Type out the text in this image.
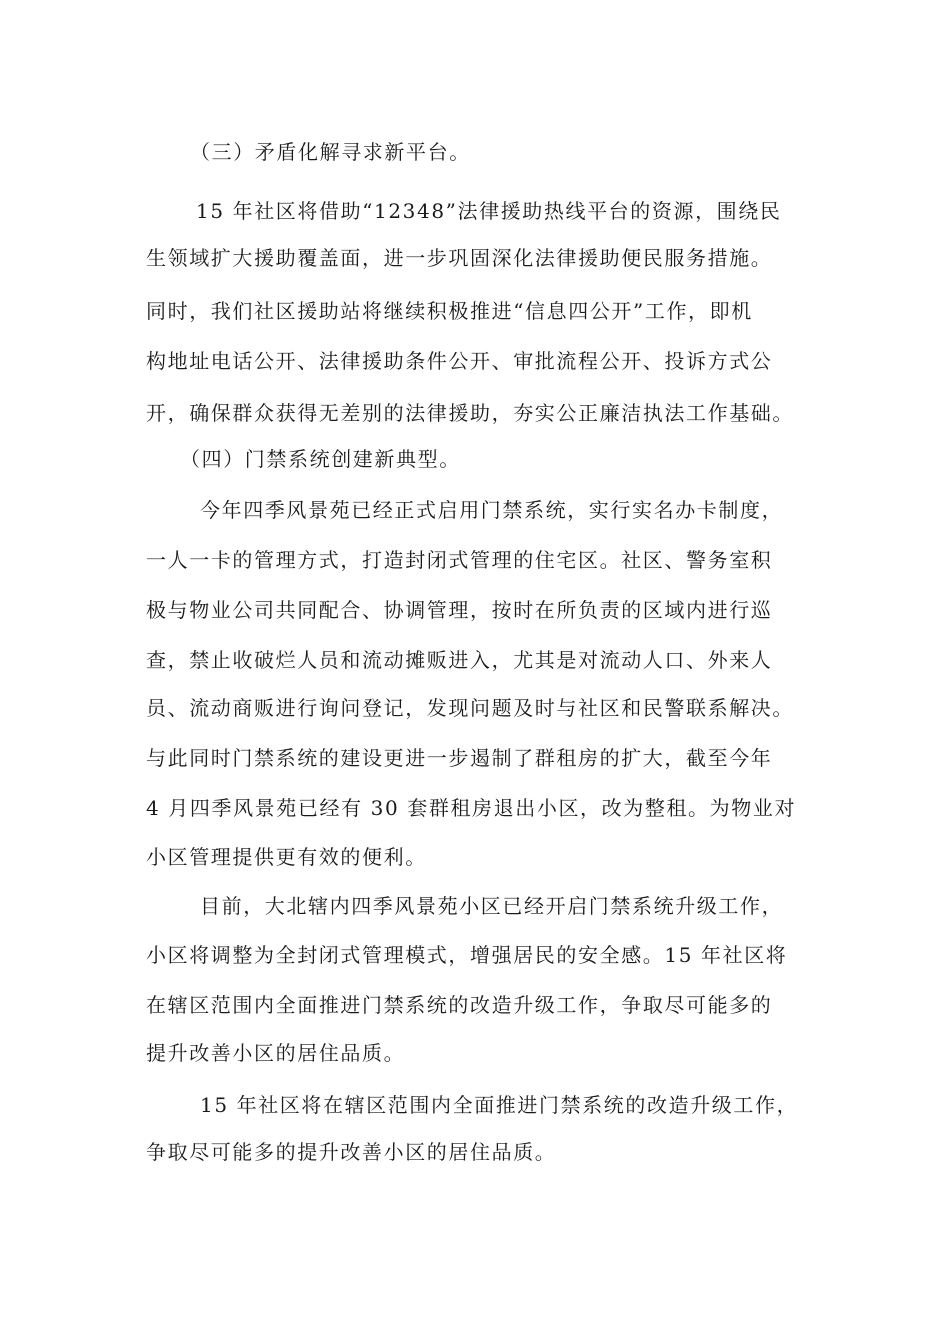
（三）矛盾化解寻求新平台。
15 年社区将借助“12348”法律援助热线平台的资源，围绕民
生领域扩大援助覆盖面，进一步巩固深化法律援助便民服务措施。
同时，我们社区援助站将继续积极推进“信息四公开”工作，即机
构地址电话公开、法律援助条件公开、审批流程公开、投诉方式公
开，确保群众获得无差别的法律援助，夯实公正廉洁执法工作基础。
（四）门禁系统创建新典型。
今年四季风景苑已经正式启用门禁系统，实行实名办卡制度，
一人一卡的管理方式，打造封闭式管理的住宅区。社区、警务室积
极与物业公司共同配合、协调管理，按时在所负责的区域内进行巡
查，禁止收破烂人员和流动摊贩进入，尤其是对流动人口、外来人
员、流动商贩进行询问登记，发现问题及时与社区和民警联系解决。
与此同时门禁系统的建设更进一步遏制了群租房的扩大，截至今年
4 月四季风景苑已经有 30 套群租房退出小区，改为整租。为物业对
小区管理提供更有效的便利。
目前，大北辖内四季风景苑小区已经开启门禁系统升级工作，
小区将调整为全封闭式管理模式，增强居民的安全感。15 年社区将
在辖区范围内全面推进门禁系统的改造升级工作，争取尽可能多的
提升改善小区的居住品质。
15 年社区将在辖区范围内全面推进门禁系统的改造升级工作，
争取尽可能多的提升改善小区的居住品质。
